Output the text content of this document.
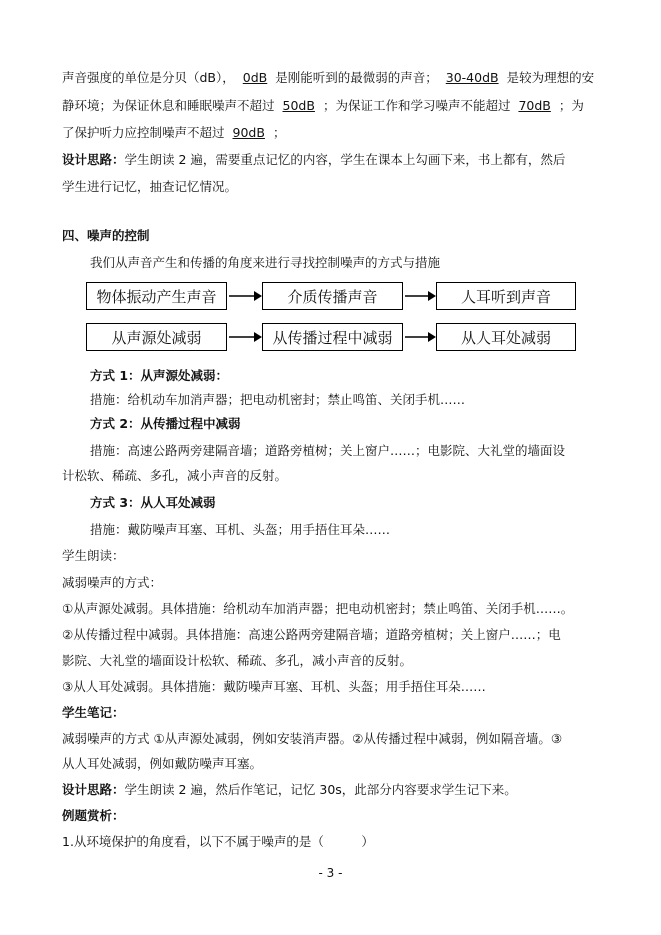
声音强度的单位是分贝（dB）， 0dB 是刚能听到的最微弱的声音； 30-40dB 是较为理想的安
静环境；为保证休息和睡眠噪声不超过 50dB ；为保证工作和学习噪声不能超过 70dB ；为
了保护听力应控制噪声不超过 90dB ；
设计思路：学生朗读 2 遍，需要重点记忆的内容，学生在课本上勾画下来，书上都有，然后
学生进行记忆，抽查记忆情况。
四、噪声的控制
我们从声音产生和传播的角度来进行寻找控制噪声的方式与措施
物体振动产生声音	介质传播声音	人耳听到声音
从声源处减弱	从传播过程中减弱	从人耳处减弱
方式 1：从声源处减弱：
措施：给机动车加消声器；把电动机密封；禁止鸣笛、关闭手机……
方式 2：从传播过程中减弱
措施：高速公路两旁建隔音墙；道路旁植树；关上窗户……；电影院、大礼堂的墙面设
计松软、稀疏、多孔，减小声音的反射。
方式 3：从人耳处减弱
措施：戴防噪声耳塞、耳机、头盔；用手捂住耳朵……
学生朗读：
减弱噪声的方式：
①从声源处减弱。具体措施：给机动车加消声器；把电动机密封；禁止鸣笛、关闭手机……。
②从传播过程中减弱。具体措施：高速公路两旁建隔音墙；道路旁植树；关上窗户……；电
影院、大礼堂的墙面设计松软、稀疏、多孔，减小声音的反射。
③从人耳处减弱。具体措施：戴防噪声耳塞、耳机、头盔；用手捂住耳朵……
学生笔记：
减弱噪声的方式 ①从声源处减弱，例如安装消声器。②从传播过程中减弱，例如隔音墙。③
从人耳处减弱，例如戴防噪声耳塞。
设计思路：学生朗读 2 遍，然后作笔记，记忆 30s，此部分内容要求学生记下来。
例题赏析：
1.从环境保护的角度看，以下不属于噪声的是（　　　）
- 3 -
